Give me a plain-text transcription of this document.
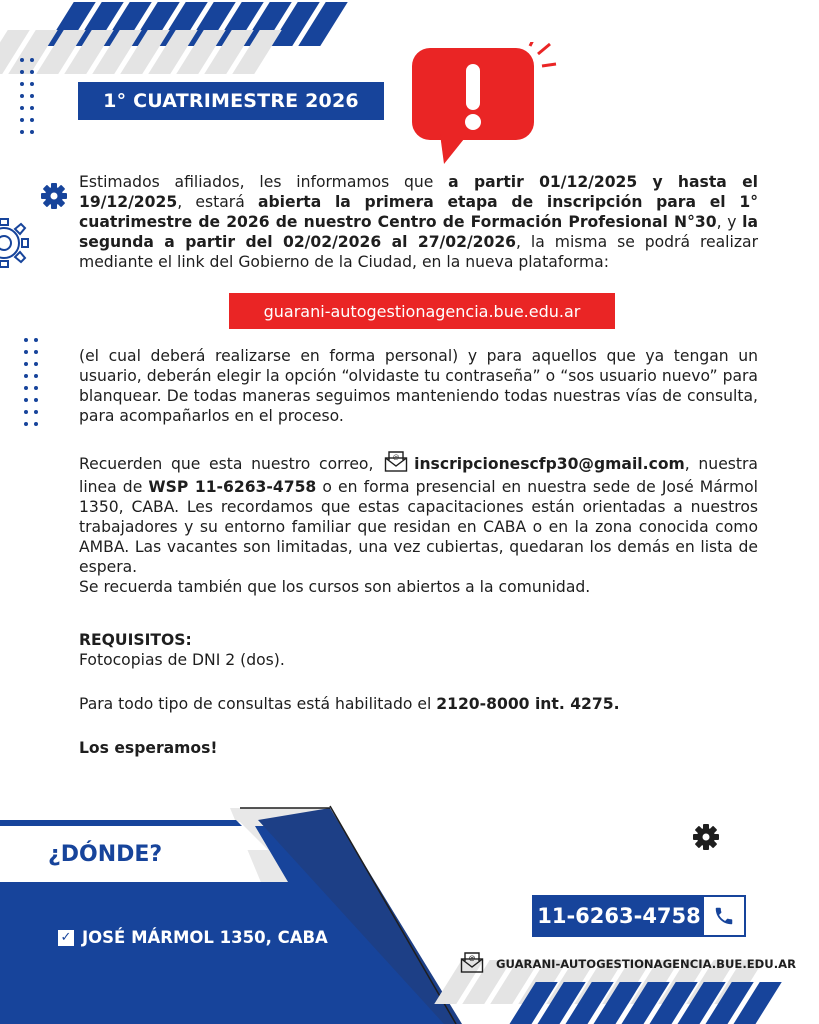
1° CUATRIMESTRE 2026
Estimados afiliados, les informamos que a partir 01/12/2025 y hasta el 19/12/2025, estará abierta la primera etapa de inscripción para el 1° cuatrimestre de 2026 de nuestro Centro de Formación Profesional N°30, y la segunda a partir del 02/02/2026 al 27/02/2026, la misma se podrá realizar mediante el link del Gobierno de la Ciudad, en la nueva plataforma:
guarani-autogestionagencia.bue.edu.ar
(el cual deberá realizarse en forma personal) y para aquellos que ya tengan un usuario, deberán elegir la opción “olvidaste tu contraseña” o “sos usuario nuevo” para blanquear. De todas maneras seguimos manteniendo todas nuestras vías de consulta, para acompañarlos en el proceso.
Recuerden que esta nuestro correo, @ inscripcionescfp30@gmail.com, nuestra linea de WSP 11-6263-4758 o en forma presencial en nuestra sede de José Mármol 1350, CABA. Les recordamos que estas capacitaciones están orientadas a nuestros trabajadores y su entorno familiar que residan en CABA o en la zona conocida como AMBA. Las vacantes son limitadas, una vez cubiertas, quedaran los demás en lista de espera.
Se recuerda también que los cursos son abiertos a la comunidad.
REQUISITOS:
Fotocopias de DNI 2 (dos).
Para todo tipo de consultas está habilitado el 2120-8000 int. 4275.
Los esperamos!
¿DÓNDE?
✓ JOSÉ MÁRMOL 1350, CABA
11-6263-4758
@ GUARANI-AUTOGESTIONAGENCIA.BUE.EDU.AR
